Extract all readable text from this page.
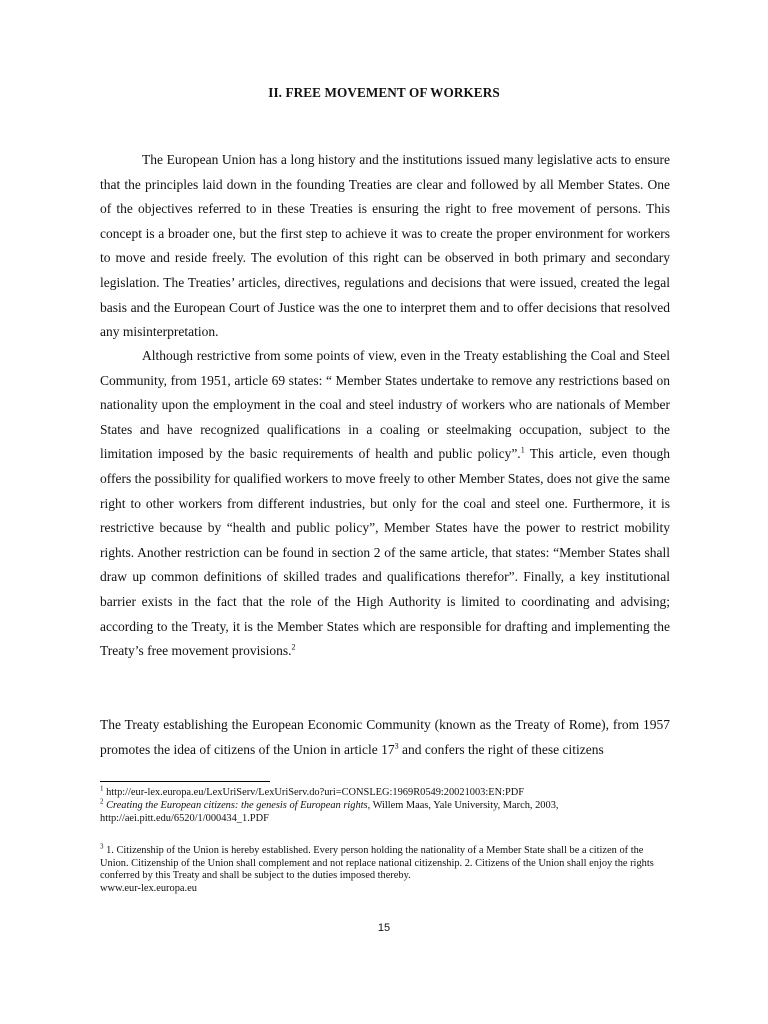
II. FREE MOVEMENT OF WORKERS

The European Union has a long history and the institutions issued many legislative acts to ensure that the principles laid down in the founding Treaties are clear and followed by all Member States. One of the objectives referred to in these Treaties is ensuring the right to free movement of persons. This concept is a broader one, but the first step to achieve it was to create the proper environment for workers to move and reside freely. The evolution of this right can be observed in both primary and secondary legislation. The Treaties’ articles, directives, regulations and decisions that were issued, created the legal basis and the European Court of Justice was the one to interpret them and to offer decisions that resolved any misinterpretation.

Although restrictive from some points of view, even in the Treaty establishing the Coal and Steel Community, from 1951, article 69 states: “ Member States undertake to remove any restrictions based on nationality upon the employment in the coal and steel industry of workers who are nationals of Member States and have recognized qualifications in a coaling or steelmaking occupation, subject to the limitation imposed by the basic requirements of health and public policy”.$^1$ This article, even though offers the possibility for qualified workers to move freely to other Member States, does not give the same right to other workers from different industries, but only for the coal and steel one. Furthermore, it is restrictive because by “health and public policy”, Member States have the power to restrict mobility rights. Another restriction can be found in section 2 of the same article, that states: “Member States shall draw up common definitions of skilled trades and qualifications therefor”. Finally, a key institutional barrier exists in the fact that the role of the High Authority is limited to coordinating and advising; according to the Treaty, it is the Member States which are responsible for drafting and implementing the Treaty’s free movement provisions.$^2$

The Treaty establishing the European Economic Community (known as the Treaty of Rome), from 1957 promotes the idea of citizens of the Union in article $17^3$ and confers the right of these citizens

$^1$ http://eur-lex.europa.eu/LexUriServ/LexUriServ.do?uri=CONSLEG:1969R0549:20021003:EN:PDF
$^2$ Creating the European citizens: the genesis of European rights, Willem Maas, Yale University, March, 2003,
http://aei.pitt.edu/6520/1/000434_1.PDF
$^3$ 1. Citizenship of the Union is hereby established. Every person holding the nationality of a Member State shall be a citizen of the Union. Citizenship of the Union shall complement and not replace national citizenship. 2. Citizens of the Union shall enjoy the rights conferred by this Treaty and shall be subject to the duties imposed thereby.
www.eur-lex.europa.eu
15
